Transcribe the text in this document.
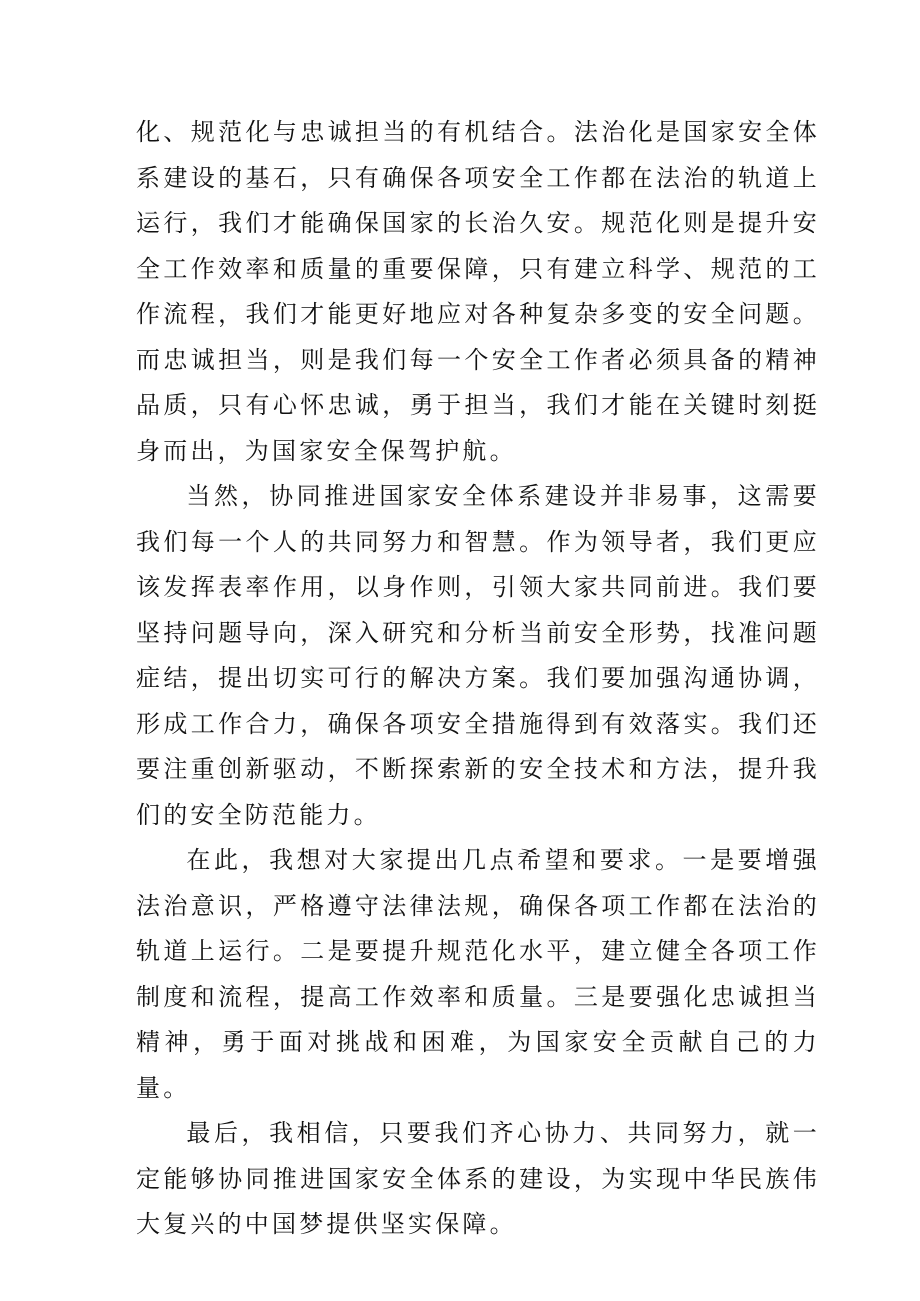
化、规范化与忠诚担当的有机结合。法治化是国家安全体系建设的基石，只有确保各项安全工作都在法治的轨道上运行，我们才能确保国家的长治久安。规范化则是提升安全工作效率和质量的重要保障，只有建立科学、规范的工作流程，我们才能更好地应对各种复杂多变的安全问题。而忠诚担当，则是我们每一个安全工作者必须具备的精神品质，只有心怀忠诚，勇于担当，我们才能在关键时刻挺身而出，为国家安全保驾护航。

当然，协同推进国家安全体系建设并非易事，这需要我们每一个人的共同努力和智慧。作为领导者，我们更应该发挥表率作用，以身作则，引领大家共同前进。我们要坚持问题导向，深入研究和分析当前安全形势，找准问题症结，提出切实可行的解决方案。我们要加强沟通协调，形成工作合力，确保各项安全措施得到有效落实。我们还要注重创新驱动，不断探索新的安全技术和方法，提升我们的安全防范能力。

在此，我想对大家提出几点希望和要求。一是要增强法治意识，严格遵守法律法规，确保各项工作都在法治的轨道上运行。二是要提升规范化水平，建立健全各项工作制度和流程，提高工作效率和质量。三是要强化忠诚担当精神，勇于面对挑战和困难，为国家安全贡献自己的力量。

最后，我相信，只要我们齐心协力、共同努力，就一定能够协同推进国家安全体系的建设，为实现中华民族伟大复兴的中国梦提供坚实保障。
